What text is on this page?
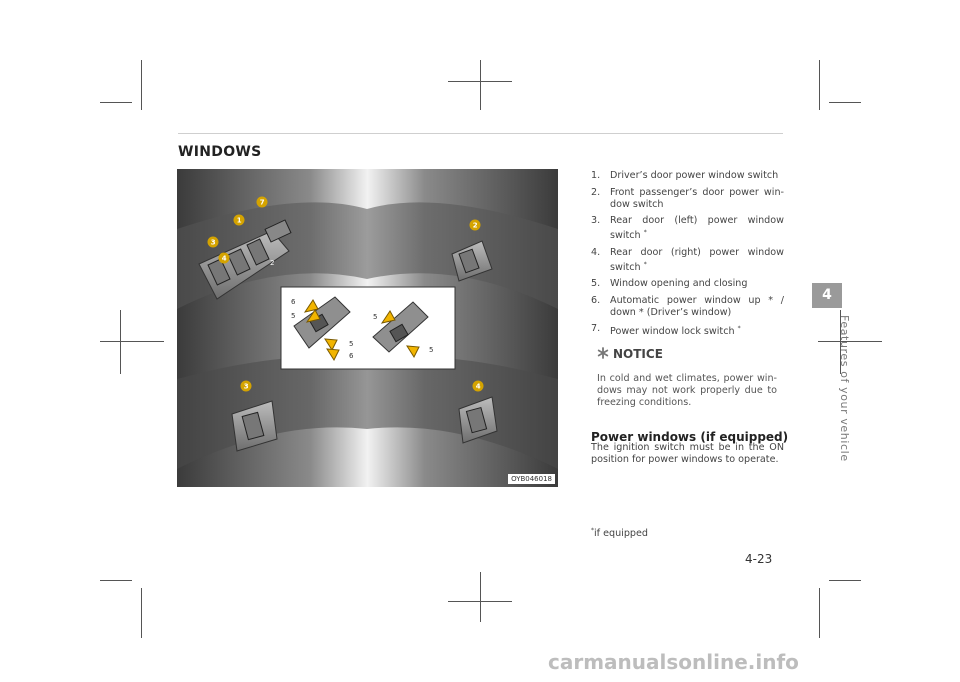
WINDOWS
6
5
5
6
5
5
1
2
3
4
7
3	4
2
OYB046018
1. Driver’s door power window switch
2. Front passenger’s door power win-dow switch
3. Rear door (left) power window switch *
4. Rear door (right) power window switch *
5. Window opening and closing
6. Automatic power window up * / down * (Driver’s window)
7. Power window lock switch *
NOTICE
In cold and wet climates, power win-dows may not work properly due to freezing conditions.
Power windows (if equipped)
The ignition switch must be in the ON position for power windows to operate.
*if equipped
4-23
4
Features of your vehicle
carmanualsonline.info
